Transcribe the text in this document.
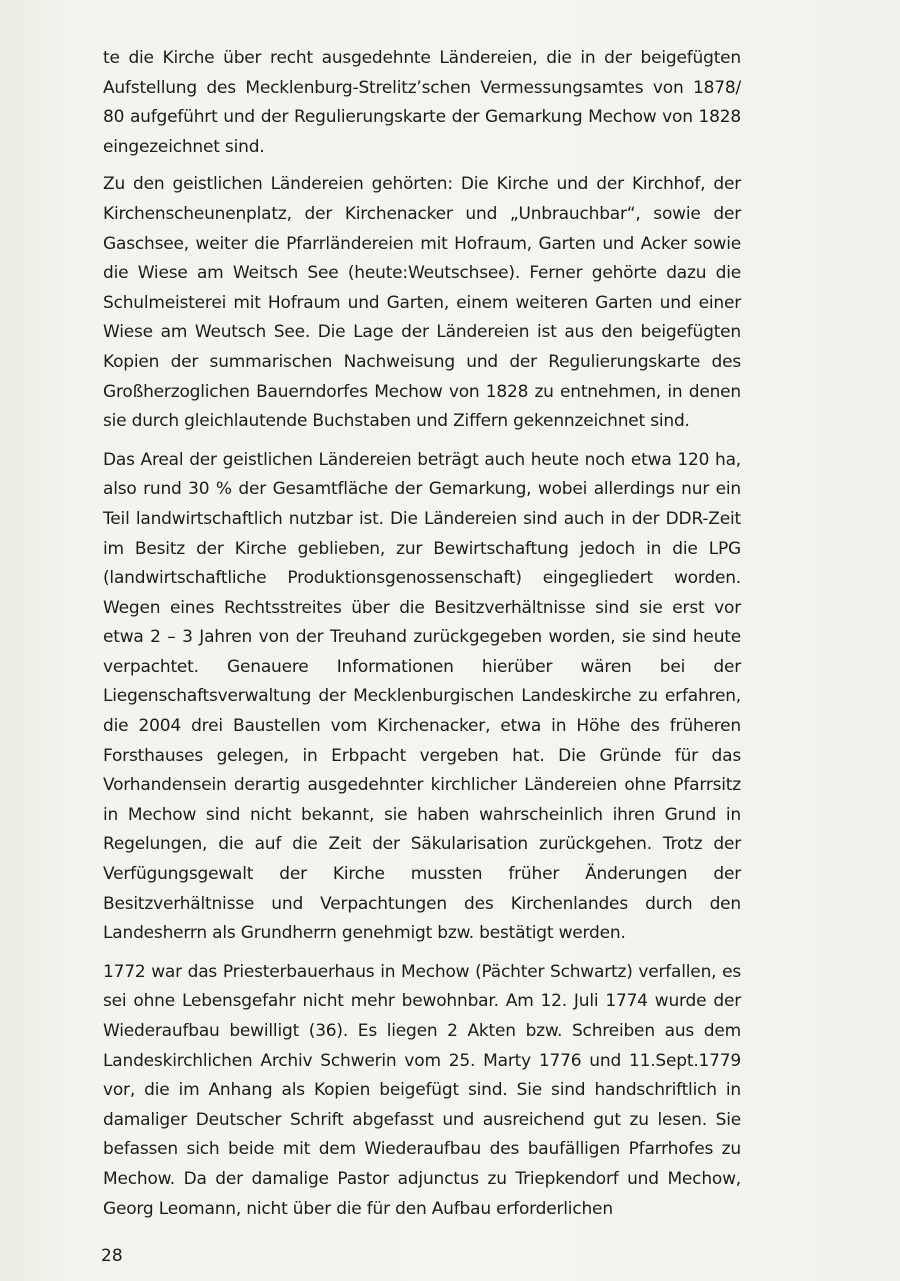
te die Kirche über recht ausgedehnte Ländereien, die in der beigefügten Aufstellung des Mecklenburg-Strelitz’schen Vermessungsamtes von 1878/ 80 aufgeführt und der Regulierungskarte der Gemarkung Mechow von 1828 eingezeichnet sind.

Zu den geistlichen Ländereien gehörten: Die Kirche und der Kirchhof, der Kirchenscheunenplatz, der Kirchenacker und „Unbrauchbar“, sowie der Gaschsee, weiter die Pfarrländereien mit Hofraum, Garten und Acker sowie die Wiese am Weitsch See (heute:Weutschsee). Ferner gehörte dazu die Schulmeisterei mit Hofraum und Garten, einem weiteren Garten und einer Wiese am Weutsch See. Die Lage der Ländereien ist aus den beigefügten Kopien der summarischen Nachweisung und der Regulierungskarte des Großherzoglichen Bauerndorfes Mechow von 1828 zu entnehmen, in denen sie durch gleichlautende Buchstaben und Ziffern gekennzeichnet sind.

Das Areal der geistlichen Ländereien beträgt auch heute noch etwa 120 ha, also rund 30 % der Gesamtfläche der Gemarkung, wobei allerdings nur ein Teil landwirtschaftlich nutzbar ist. Die Ländereien sind auch in der DDR-Zeit im Besitz der Kirche geblieben, zur Bewirtschaftung jedoch in die LPG (landwirtschaftliche Produktionsgenossenschaft) eingegliedert worden. Wegen eines Rechtsstreites über die Besitzverhältnisse sind sie erst vor etwa 2 – 3 Jahren von der Treuhand zurückgegeben worden, sie sind heute verpachtet. Genauere Informationen hierüber wären bei der Liegenschaftsverwaltung der Mecklenburgischen Landeskirche zu erfahren, die 2004 drei Baustellen vom Kirchenacker, etwa in Höhe des früheren Forsthauses gelegen, in Erbpacht vergeben hat. Die Gründe für das Vorhandensein derartig ausgedehnter kirchlicher Ländereien ohne Pfarrsitz in Mechow sind nicht bekannt, sie haben wahrscheinlich ihren Grund in Regelungen, die auf die Zeit der Säkularisation zurückgehen. Trotz der Verfügungsgewalt der Kirche mussten früher Änderungen der Besitzverhältnisse und Verpachtungen des Kirchenlandes durch den Landesherrn als Grundherrn genehmigt bzw. bestätigt werden.

1772 war das Priesterbauerhaus in Mechow (Pächter Schwartz) verfallen, es sei ohne Lebensgefahr nicht mehr bewohnbar. Am 12. Juli 1774 wurde der Wiederaufbau bewilligt (36). Es liegen 2 Akten bzw. Schreiben aus dem Landeskirchlichen Archiv Schwerin vom 25. Marty 1776 und 11.Sept.1779 vor, die im Anhang als Kopien beigefügt sind. Sie sind handschriftlich in damaliger Deutscher Schrift abgefasst und ausreichend gut zu lesen. Sie befassen sich beide mit dem Wiederaufbau des baufälligen Pfarrhofes zu Mechow. Da der damalige Pastor adjunctus zu Triepkendorf und Mechow, Georg Leomann, nicht über die für den Aufbau erforderlichen

28
